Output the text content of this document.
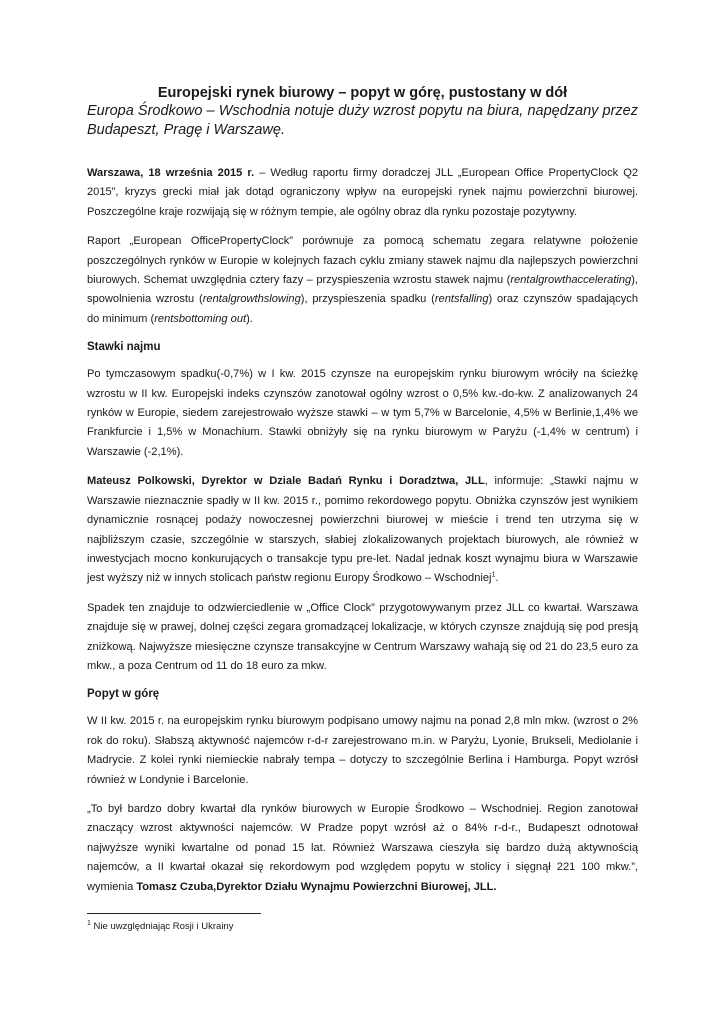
Europejski rynek biurowy – popyt w górę, pustostany w dół

Europa Środkowo – Wschodnia notuje duży wzrost popytu na biura, napędzany przez Budapeszt, Pragę i Warszawę.

Warszawa, 18 września 2015 r. – Według raportu firmy doradczej JLL „European Office PropertyClock Q2 2015”, kryzys grecki miał jak dotąd ograniczony wpływ na europejski rynek najmu powierzchni biurowej. Poszczególne kraje rozwijają się w różnym tempie, ale ogólny obraz dla rynku pozostaje pozytywny.

Raport „European OfficePropertyClock” porównuje za pomocą schematu zegara relatywne położenie poszczególnych rynków w Europie w kolejnych fazach cyklu zmiany stawek najmu dla najlepszych powierzchni biurowych. Schemat uwzględnia cztery fazy – przyspieszenia wzrostu stawek najmu (rentalgrowthaccelerating), spowolnienia wzrostu (rentalgrowthslowing), przyspieszenia spadku (rentsfalling) oraz czynszów spadających do minimum (rentsbottoming out).

Stawki najmu

Po tymczasowym spadku(-0,7%) w I kw. 2015 czynsze na europejskim rynku biurowym wróciły na ścieżkę wzrostu w II kw. Europejski indeks czynszów zanotował ogólny wzrost o 0,5% kw.-do-kw. Z analizowanych 24 rynków w Europie, siedem zarejestrowało wyższe stawki – w tym 5,7% w Barcelonie, 4,5% w Berlinie,1,4% we Frankfurcie i 1,5% w Monachium. Stawki obniżyły się na rynku biurowym w Paryżu (-1,4% w centrum) i Warszawie (-2,1%).

Mateusz Polkowski, Dyrektor w Dziale Badań Rynku i Doradztwa, JLL, informuje: „Stawki najmu w Warszawie nieznacznie spadły w II kw. 2015 r., pomimo rekordowego popytu. Obniżka czynszów jest wynikiem dynamicznie rosnącej podaży nowoczesnej powierzchni biurowej w mieście i trend ten utrzyma się w najbliższym czasie, szczególnie w starszych, słabiej zlokalizowanych projektach biurowych, ale również w inwestycjach mocno konkurujących o transakcje typu pre-let. Nadal jednak koszt wynajmu biura w Warszawie jest wyższy niż w innych stolicach państw regionu Europy Środkowo – Wschodniej$^1$.

Spadek ten znajduje to odzwierciedlenie w „Office Clock” przygotowywanym przez JLL co kwartał. Warszawa znajduje się w prawej, dolnej części zegara gromadzącej lokalizacje, w których czynsze znajdują się pod presją zniżkową. Najwyższe miesięczne czynsze transakcyjne w Centrum Warszawy wahają się od 21 do 23,5 euro za mkw., a poza Centrum od 11 do 18 euro za mkw.

Popyt w górę

W II kw. 2015 r. na europejskim rynku biurowym podpisano umowy najmu na ponad 2,8 mln mkw. (wzrost o 2% rok do roku). Słabszą aktywność najemców r-d-r zarejestrowano m.in. w Paryżu, Lyonie, Brukseli, Mediolanie i Madrycie. Z kolei rynki niemieckie nabrały tempa – dotyczy to szczególnie Berlina i Hamburga. Popyt wzrósł również w Londynie i Barcelonie.

„To był bardzo dobry kwartał dla rynków biurowych w Europie Środkowo – Wschodniej. Region zanotował znaczący wzrost aktywności najemców. W Pradze popyt wzrósł aż o 84% r-d-r., Budapeszt odnotował najwyższe wyniki kwartalne od ponad 15 lat. Również Warszawa cieszyła się bardzo dużą aktywnością najemców, a II kwartał okazał się rekordowym pod względem popytu w stolicy i sięgnął 221 100 mkw.”, wymienia Tomasz Czuba,Dyrektor Działu Wynajmu Powierzchni Biurowej, JLL.

$^1$ Nie uwzględniając Rosji i Ukrainy
